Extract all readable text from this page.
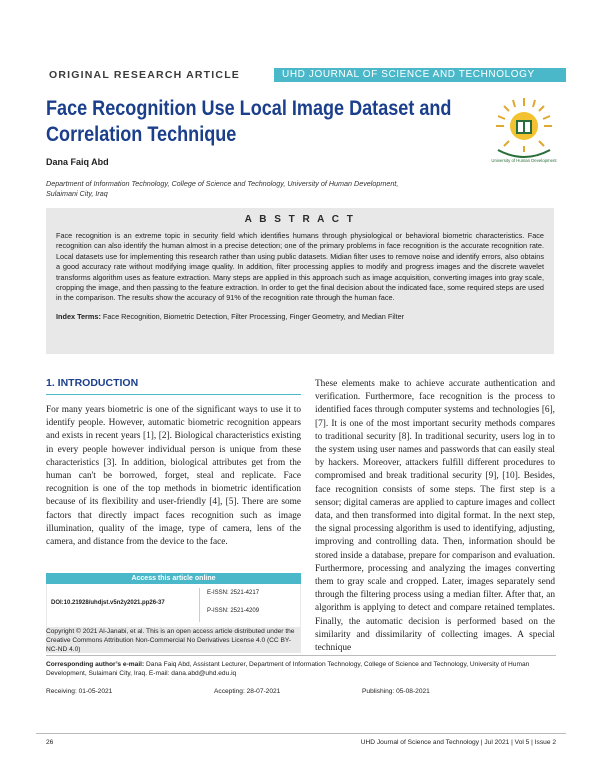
ORIGINAL RESEARCH ARTICLE	UHD JOURNAL OF SCIENCE AND TECHNOLOGY
Face Recognition Use Local Image Dataset and
Correlation Technique
University of Human Development
Dana Faiq Abd
Department of Information Technology, College of Science and Technology, University of Human Development,
Sulaimani City, Iraq
A B S T R A C T
Face recognition is an extreme topic in security field which identifies humans through physiological or behavioral biometric characteristics. Face recognition can also identify the human almost in a precise detection; one of the primary problems in face recognition is the accurate recognition rate. Local datasets use for implementing this research rather than using public datasets. Midian filter uses to remove noise and identify errors, also obtains a good accuracy rate without modifying image quality. In addition, filter processing applies to modify and progress images and the discrete wavelet transforms algorithm uses as feature extraction. Many steps are applied in this approach such as image acquisition, converting images into gray scale, cropping the image, and then passing to the feature extraction. In order to get the final decision about the indicated face, some required steps are used in the comparison. The results show the accuracy of 91% of the recognition rate through the human face.
Index Terms: Face Recognition, Biometric Detection, Filter Processing, Finger Geometry, and Median Filter
1. INTRODUCTION
For many years biometric is one of the significant ways to use it to identify people. However, automatic biometric recognition appears and exists in recent years [1], [2]. Biological characteristics existing in every people however individual person is unique from these characteristics [3]. In addition, biological attributes get from the human can't be borrowed, forget, steal and replicate. Face recognition is one of the top methods in biometric identification because of its flexibility and user-friendly [4], [5]. There are some factors that directly impact faces recognition such as image illumination, quality of the image, type of camera, lens of the camera, and distance from the device to the face.
These elements make to achieve accurate authentication and verification. Furthermore, face recognition is the process to identified faces through computer systems and technologies [6], [7]. It is one of the most important security methods compares to traditional security [8]. In traditional security, users log in to the system using user names and passwords that can easily steal by hackers. Moreover, attackers fulfill different procedures to compromised and break traditional security [9], [10]. Besides, face recognition consists of some steps. The first step is a sensor; digital cameras are applied to capture images and collect data, and then transformed into digital format. In the next step, the signal processing algorithm is used to identifying, adjusting, improving and controlling data. Then, information should be stored inside a database, prepare for comparison and evaluation. Furthermore, processing and analyzing the images converting them to gray scale and cropped. Later, images separately send through the filtering process using a median filter. After that, an algorithm is applying to detect and compare retained templates. Finally, the automatic decision is performed based on the similarity and dissimilarity of collecting images. A special technique
Access this article online
DOI:10.21928/uhdjst.v5n2y2021.pp26-37
E-ISSN: 2521-4217
P-ISSN: 2521-4209
Copyright © 2021 Al-Janabi, et al. This is an open access article distributed under the Creative Commons Attribution Non-Commercial No Derivatives License 4.0 (CC BY-NC-ND 4.0)
Corresponding author’s e-mail: Dana Faiq Abd, Assistant Lecturer, Department of Information Technology, College of Science and Technology, University of Human Development, Sulaimani City, Iraq. E-mail: dana.abd@uhd.edu.iq
Receiving: 01-05-2021	Accepting: 28-07-2021	Publishing: 05-08-2021
26	UHD Journal of Science and Technology | Jul 2021 | Vol 5 | Issue 2
